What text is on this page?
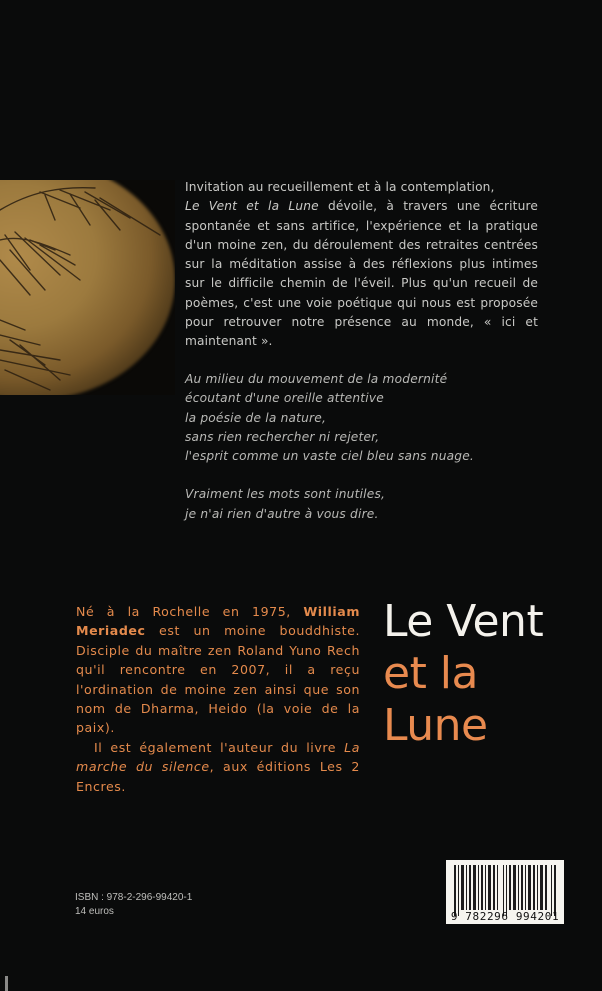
Invitation au recueillement et à la contemplation,
Le Vent et la Lune dévoile, à travers une écriture spontanée et sans artifice, l'expérience et la pratique d'un moine zen, du déroulement des retraites centrées sur la méditation assise à des réflexions plus intimes sur le difficile chemin de l'éveil. Plus qu'un recueil de poèmes, c'est une voie poétique qui nous est proposée pour retrouver notre présence au monde, « ici et maintenant ».

Au milieu du mouvement de la modernité
écoutant d'une oreille attentive
la poésie de la nature,
sans rien rechercher ni rejeter,
l'esprit comme un vaste ciel bleu sans nuage.
Vraiment les mots sont inutiles,
je n'ai rien d'autre à vous dire.

Né à la Rochelle en 1975, William Meriadec est un moine bouddhiste. Disciple du maître zen Roland Yuno Rech qu'il rencontre en 2007, il a reçu l'ordination de moine zen ainsi que son nom de Dharma, Heido (la voie de la paix).

Il est également l'auteur du livre La marche du silence, aux éditions Les 2 Encres.

Le Vent
et la
Lune
ISBN : 978-2-296-99420-1
14 euros	9 782296 994201
